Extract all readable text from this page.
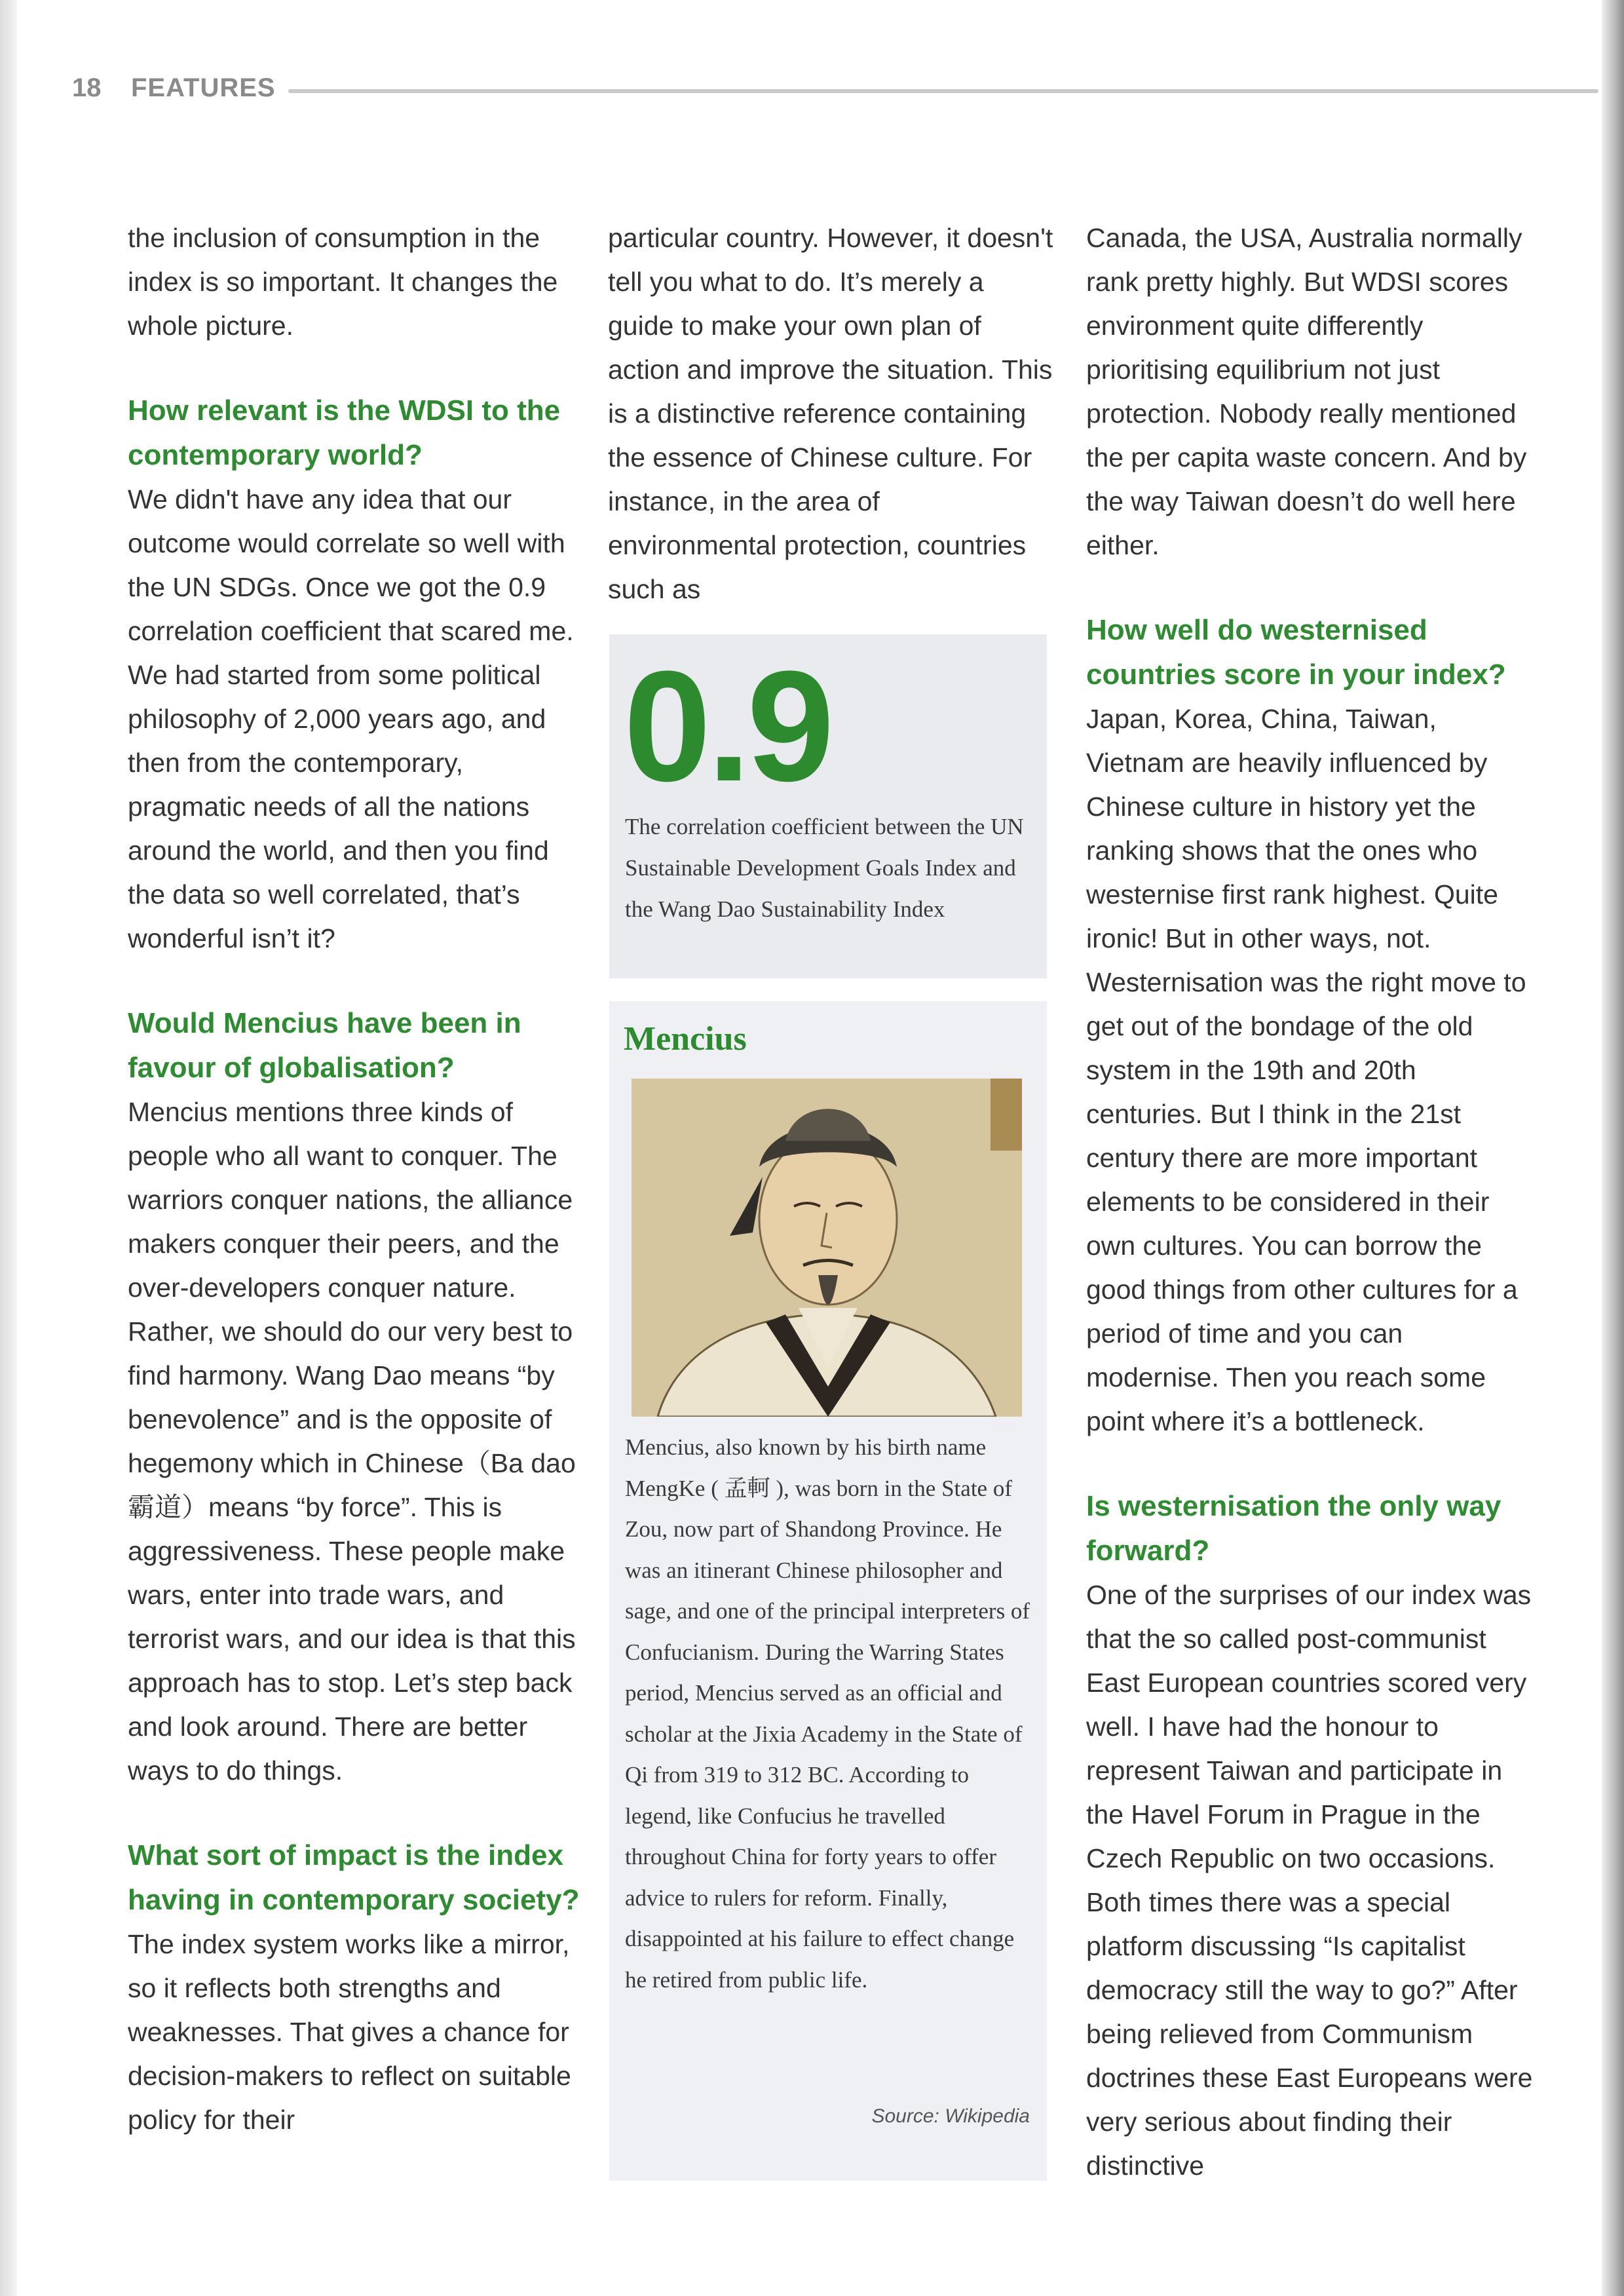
18 FEATURES

the inclusion of consumption in the index is so important. It changes the whole picture.

How relevant is the WDSI to the contemporary world?

We didn't have any idea that our outcome would correlate so well with the UN SDGs. Once we got the 0.9 correlation coefficient that scared me. We had started from some political philosophy of 2,000 years ago, and then from the contemporary, pragmatic needs of all the nations around the world, and then you find the data so well correlated, that’s wonderful isn’t it?

Would Mencius have been in favour of globalisation?

Mencius mentions three kinds of people who all want to conquer. The warriors conquer nations, the alliance makers conquer their peers, and the over-developers conquer nature. Rather, we should do our very best to find harmony. Wang Dao means “by benevolence” and is the opposite of hegemony which in Chinese（Ba dao 霸道）means “by force”. This is aggressiveness. These people make wars, enter into trade wars, and terrorist wars, and our idea is that this approach has to stop. Let’s step back and look around. There are better ways to do things.

What sort of impact is the index having in contemporary society?

The index system works like a mirror, so it reflects both strengths and weaknesses. That gives a chance for decision-makers to reflect on suitable policy for their

particular country. However, it doesn't tell you what to do. It’s merely a guide to make your own plan of action and improve the situation. This is a distinctive reference containing the essence of Chinese culture. For instance, in the area of environmental protection, countries such as

0.9
The correlation coefficient between the UN Sustainable Development Goals Index and the Wang Dao Sustainability Index
Mencius
Mencius, also known by his birth name MengKe ( 孟軻 ), was born in the State of Zou, now part of Shandong Province. He was an itinerant Chinese philosopher and sage, and one of the principal interpreters of Confucianism. During the Warring States period, Mencius served as an official and scholar at the Jixia Academy in the State of Qi from 319 to 312 BC. According to legend, like Confucius he travelled throughout China for forty years to offer advice to rulers for reform. Finally, disappointed at his failure to effect change he retired from public life.
Source: Wikipedia

Canada, the USA, Australia normally rank pretty highly. But WDSI scores environment quite differently prioritising equilibrium not just protection. Nobody really mentioned the per capita waste concern. And by the way Taiwan doesn’t do well here either.

How well do westernised countries score in your index?

Japan, Korea, China, Taiwan, Vietnam are heavily influenced by Chinese culture in history yet the ranking shows that the ones who westernise first rank highest. Quite ironic! But in other ways, not. Westernisation was the right move to get out of the bondage of the old system in the 19th and 20th centuries. But I think in the 21st century there are more important elements to be considered in their own cultures. You can borrow the good things from other cultures for a period of time and you can modernise. Then you reach some point where it’s a bottleneck.

Is westernisation the only way forward?

One of the surprises of our index was that the so called post-communist East European countries scored very well. I have had the honour to represent Taiwan and participate in the Havel Forum in Prague in the Czech Republic on two occasions. Both times there was a special platform discussing “Is capitalist democracy still the way to go?” After being relieved from Communism doctrines these East Europeans were very serious about finding their distinctive
